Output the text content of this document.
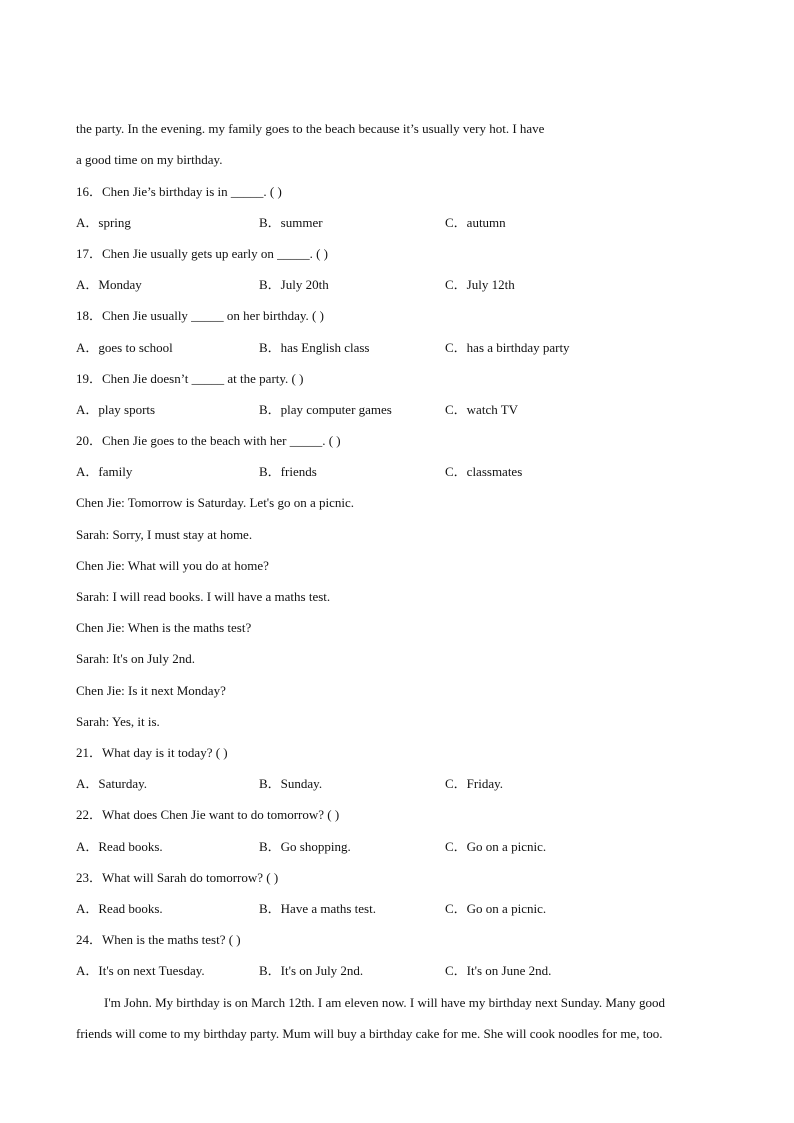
the party. In the evening. my family goes to the beach because it’s usually very hot. I have
a good time on my birthday.
16．Chen Jie’s birthday is in _____. ( )
A．spring	B．summer	C．autumn
17．Chen Jie usually gets up early on _____. ( )
A．Monday	B．July 20th	C．July 12th
18．Chen Jie usually _____ on her birthday. ( )
A．goes to school	B．has English class	C．has a birthday party
19．Chen Jie doesn’t _____ at the party. ( )
A．play sports	B．play computer games	C．watch TV
20．Chen Jie goes to the beach with her _____. ( )
A．family	B．friends	C．classmates
Chen Jie: Tomorrow is Saturday. Let's go on a picnic.
Sarah: Sorry, I must stay at home.
Chen Jie: What will you do at home?
Sarah: I will read books. I will have a maths test.
Chen Jie: When is the maths test?
Sarah: It's on July 2nd.
Chen Jie: Is it next Monday?
Sarah: Yes, it is.
21．What day is it today? ( )
A．Saturday.	B．Sunday.	C．Friday.
22．What does Chen Jie want to do tomorrow? ( )
A．Read books.	B．Go shopping.	C．Go on a picnic.
23．What will Sarah do tomorrow? ( )
A．Read books.	B．Have a maths test.	C．Go on a picnic.
24．When is the maths test? ( )
A．It's on next Tuesday.	B．It's on July 2nd.	C．It's on June 2nd.
I'm John. My birthday is on March 12th. I am eleven now. I will have my birthday next Sunday. Many good
friends will come to my birthday party. Mum will buy a birthday cake for me. She will cook noodles for me, too.
